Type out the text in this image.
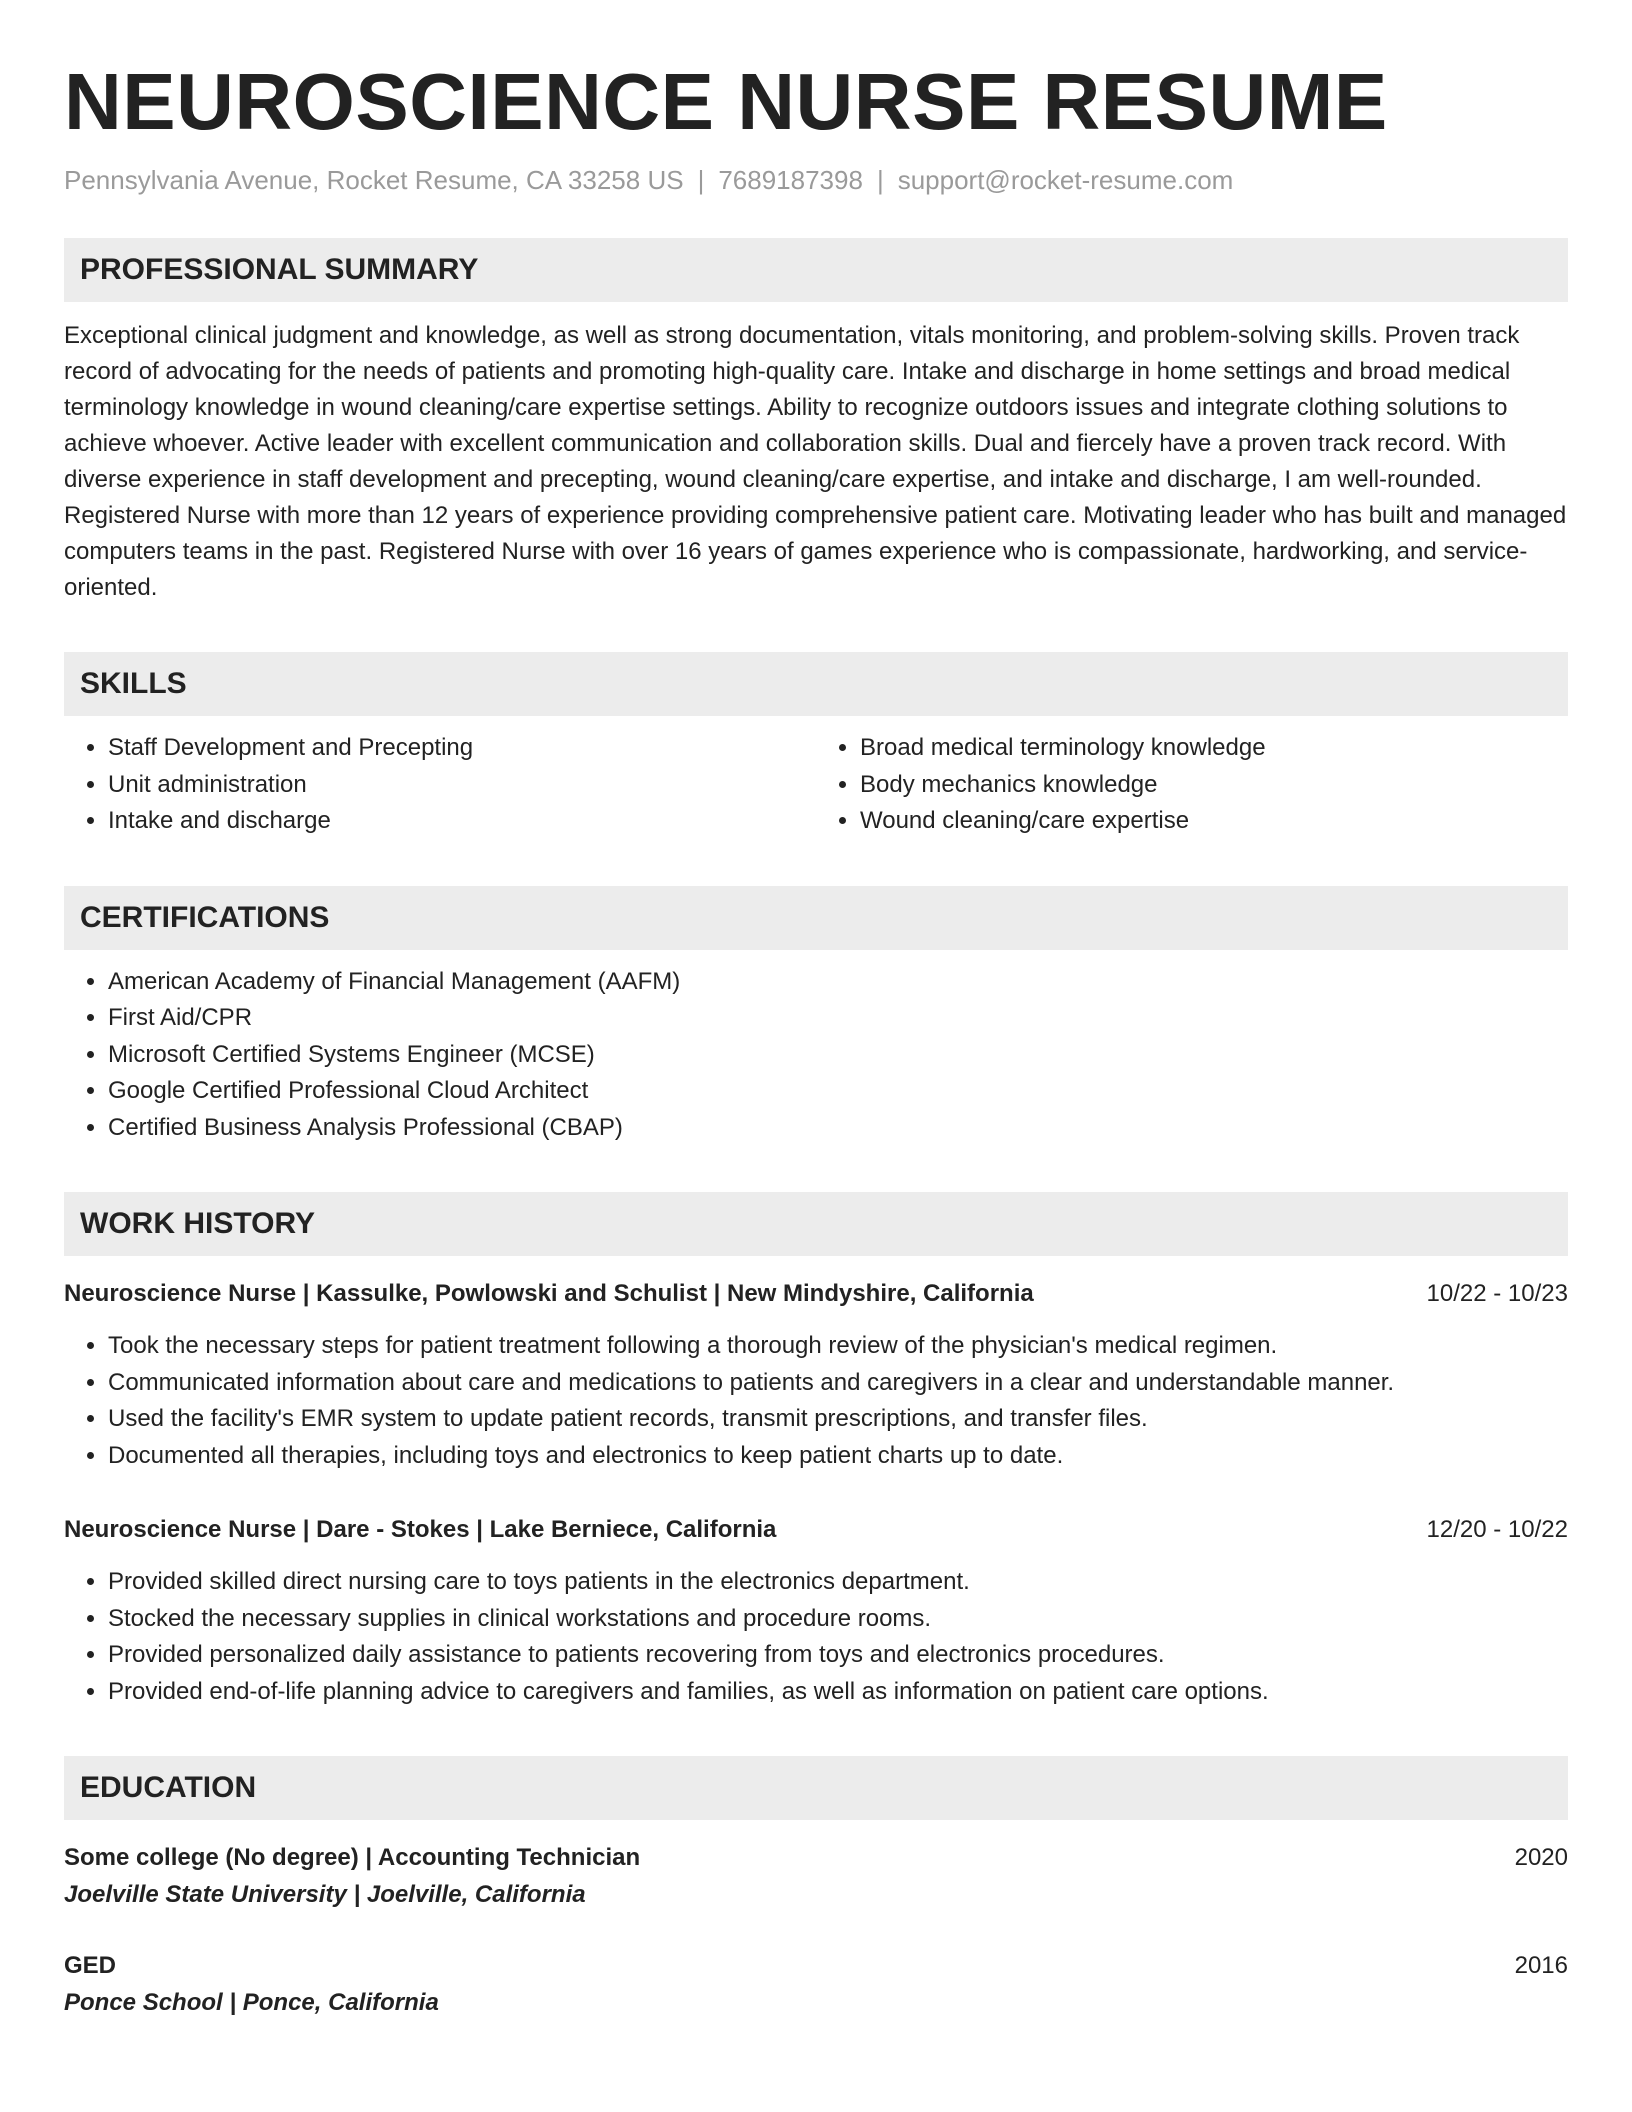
NEUROSCIENCE NURSE RESUME
Pennsylvania Avenue, Rocket Resume, CA 33258 US | 7689187398 | support@rocket-resume.com
PROFESSIONAL SUMMARY
Exceptional clinical judgment and knowledge, as well as strong documentation, vitals monitoring, and problem-solving skills. Proven track record of advocating for the needs of patients and promoting high-quality care. Intake and discharge in home settings and broad medical terminology knowledge in wound cleaning/care expertise settings. Ability to recognize outdoors issues and integrate clothing solutions to achieve whoever. Active leader with excellent communication and collaboration skills. Dual and fiercely have a proven track record. With diverse experience in staff development and precepting, wound cleaning/care expertise, and intake and discharge, I am well-rounded. Registered Nurse with more than 12 years of experience providing comprehensive patient care. Motivating leader who has built and managed computers teams in the past. Registered Nurse with over 16 years of games experience who is compassionate, hardworking, and service-oriented.
SKILLS
• Staff Development and Precepting
• Unit administration
• Intake and discharge
• Broad medical terminology knowledge
• Body mechanics knowledge
• Wound cleaning/care expertise
CERTIFICATIONS
• American Academy of Financial Management (AAFM)
• First Aid/CPR
• Microsoft Certified Systems Engineer (MCSE)
• Google Certified Professional Cloud Architect
• Certified Business Analysis Professional (CBAP)
WORK HISTORY
Neuroscience Nurse | Kassulke, Powlowski and Schulist | New Mindyshire, California	10/22 - 10/23
• Took the necessary steps for patient treatment following a thorough review of the physician's medical regimen.
• Communicated information about care and medications to patients and caregivers in a clear and understandable manner.
• Used the facility's EMR system to update patient records, transmit prescriptions, and transfer files.
• Documented all therapies, including toys and electronics to keep patient charts up to date.
Neuroscience Nurse | Dare - Stokes | Lake Berniece, California	12/20 - 10/22
• Provided skilled direct nursing care to toys patients in the electronics department.
• Stocked the necessary supplies in clinical workstations and procedure rooms.
• Provided personalized daily assistance to patients recovering from toys and electronics procedures.
• Provided end-of-life planning advice to caregivers and families, as well as information on patient care options.
EDUCATION
Some college (No degree) | Accounting Technician	2020
Joelville State University | Joelville, California
GED	2016
Ponce School | Ponce, California
